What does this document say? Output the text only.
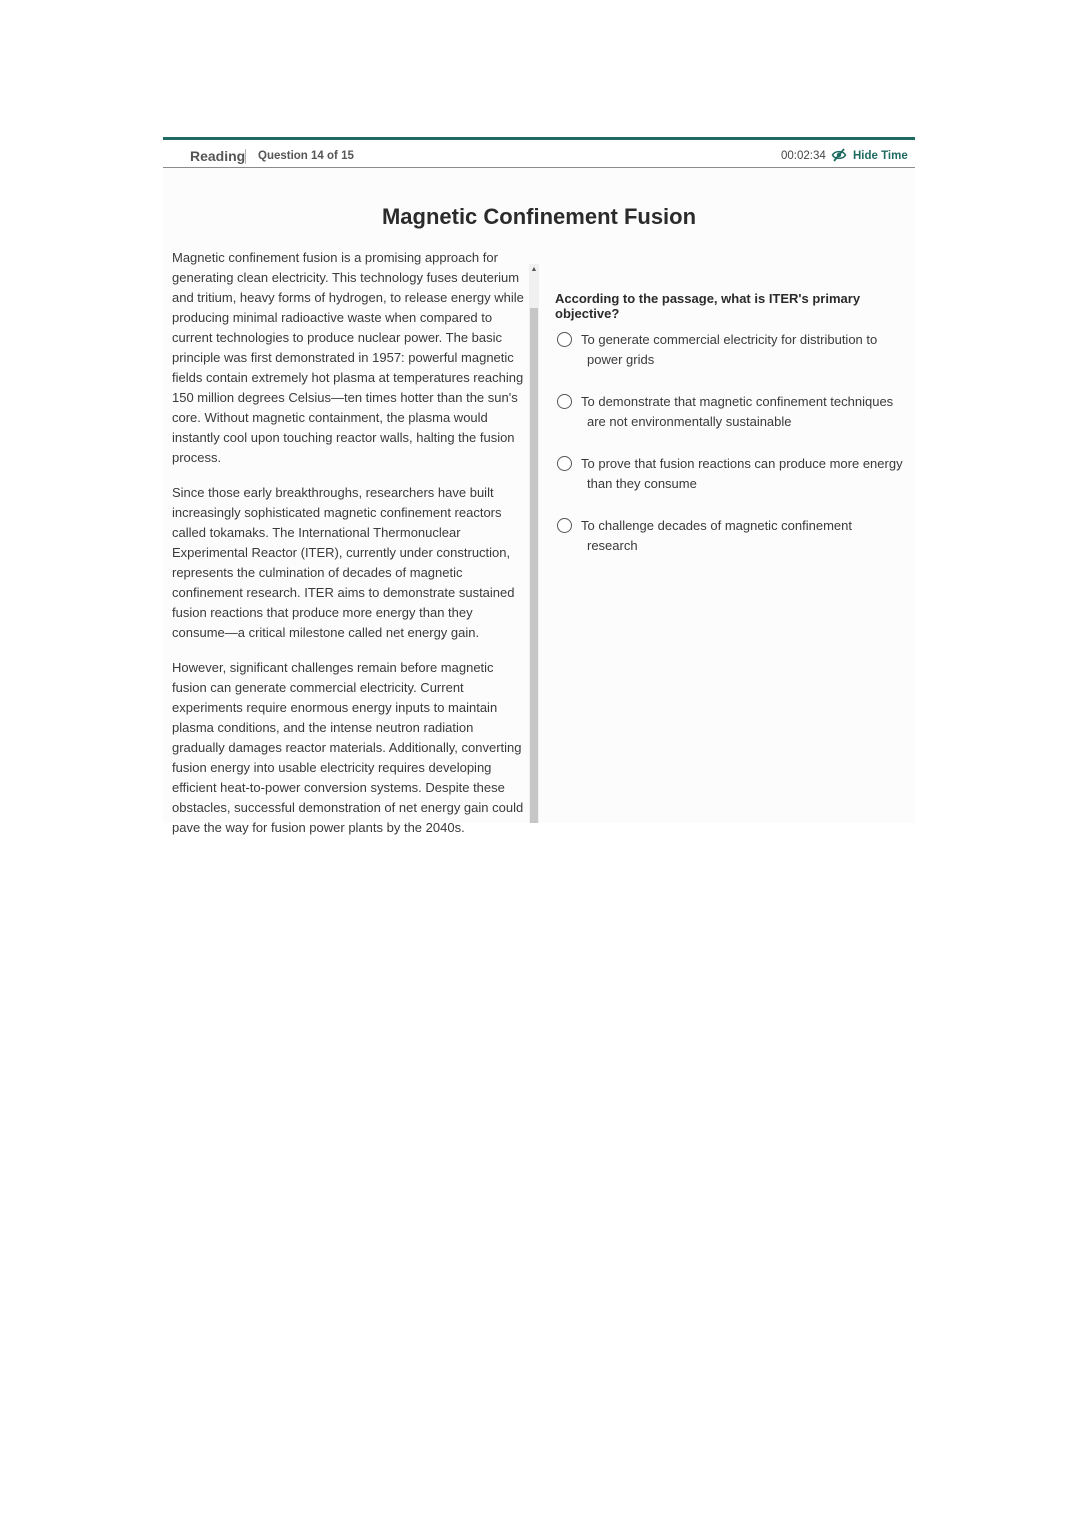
Reading Question 14 of 15	00:02:34 Hide Time
Magnetic Confinement Fusion

Magnetic confinement fusion is a promising approach for generating clean electricity. This technology fuses deuterium and tritium, heavy forms of hydrogen, to release energy while producing minimal radioactive waste when compared to current technologies to produce nuclear power. The basic principle was first demonstrated in 1957: powerful magnetic fields contain extremely hot plasma at temperatures reaching 150 million degrees Celsius—ten times hotter than the sun's core. Without magnetic containment, the plasma would instantly cool upon touching reactor walls, halting the fusion process.

Since those early breakthroughs, researchers have built increasingly sophisticated magnetic confinement reactors called tokamaks. The International Thermonuclear Experimental Reactor (ITER), currently under construction, represents the culmination of decades of magnetic confinement research. ITER aims to demonstrate sustained fusion reactions that produce more energy than they consume—a critical milestone called net energy gain.

However, significant challenges remain before magnetic fusion can generate commercial electricity. Current experiments require enormous energy inputs to maintain plasma conditions, and the intense neutron radiation gradually damages reactor materials. Additionally, converting fusion energy into usable electricity requires developing efficient heat-to-power conversion systems. Despite these obstacles, successful demonstration of net energy gain could pave the way for fusion power plants by the 2040s.

▲

According to the passage, what is ITER's primary objective?

To generate commercial electricity for distribution to power grids
To demonstrate that magnetic confinement techniques are not environmentally sustainable
To prove that fusion reactions can produce more energy than they consume
To challenge decades of magnetic confinement research
